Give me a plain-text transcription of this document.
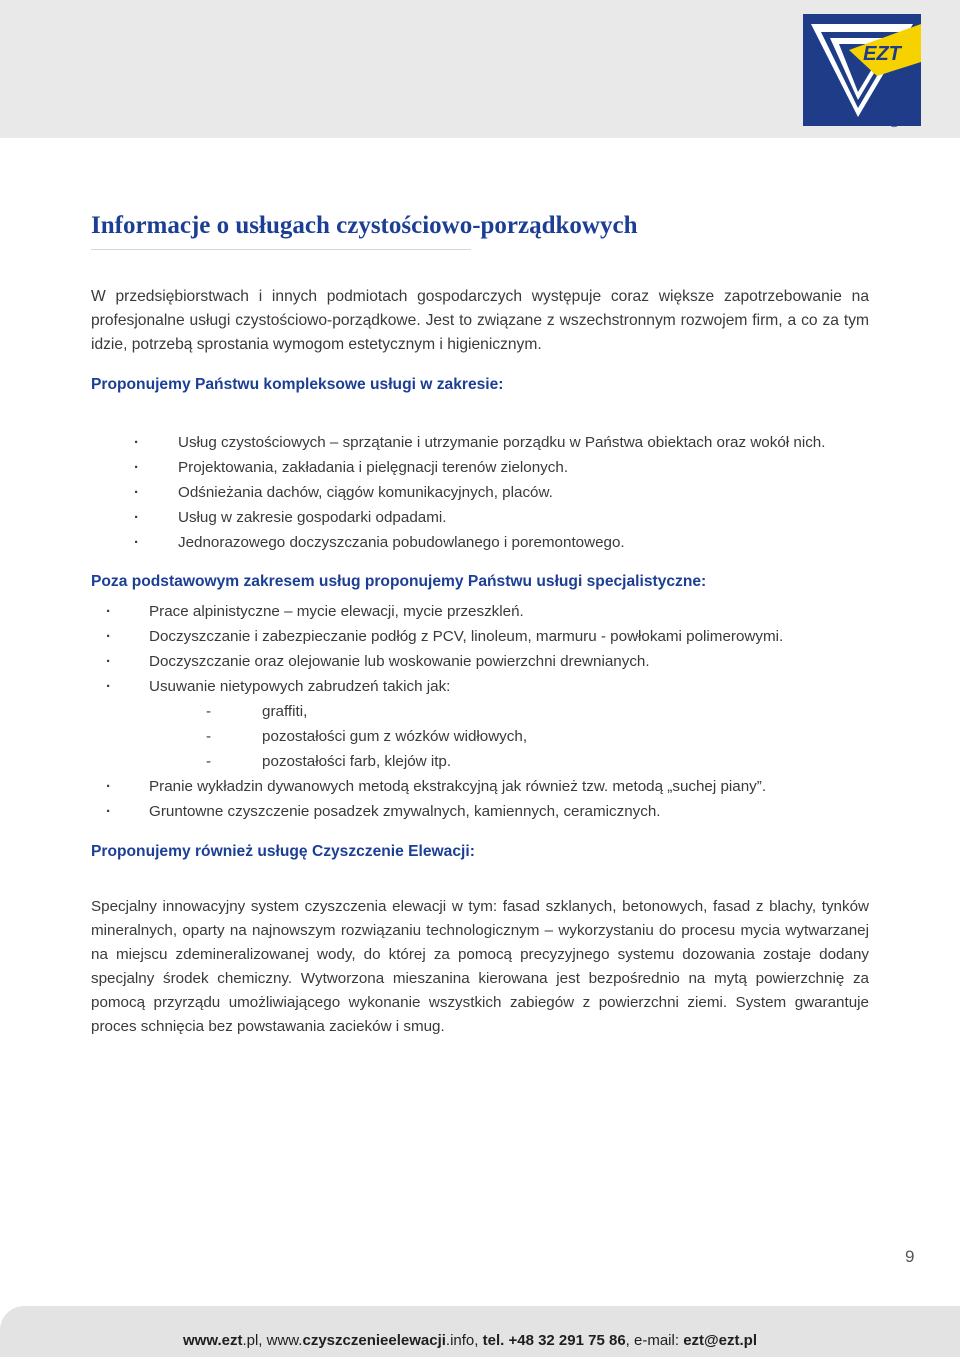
EZT
®
Informacje o usługach czystościowo-porządkowych

W przedsiębiorstwach i innych podmiotach gospodarczych występuje coraz większe zapotrzebowanie na profesjonalne usługi czystościowo-porządkowe. Jest to związane z wszechstronnym rozwojem firm, a co za tym idzie, potrzebą sprostania wymogom estetycznym i higienicznym.

Proponujemy Państwu kompleksowe usługi w zakresie:

·	Usług czystościowych – sprzątanie i utrzymanie porządku w Państwa obiektach oraz wokół nich.
·	Projektowania, zakładania i pielęgnacji terenów zielonych.
·	Odśnieżania dachów, ciągów komunikacyjnych, placów.
·	Usług w zakresie gospodarki odpadami.
·	Jednorazowego doczyszczania pobudowlanego i poremontowego.

Poza podstawowym zakresem usług proponujemy Państwu usługi specjalistyczne:

· Prace alpinistyczne – mycie elewacji, mycie przeszkleń.
· Doczyszczanie i zabezpieczanie podłóg z PCV, linoleum, marmuru - powłokami polimerowymi.
· Doczyszczanie oraz olejowanie lub woskowanie powierzchni drewnianych.
· Usuwanie nietypowych zabrudzeń takich jak:
-	graffiti,
-	pozostałości gum z wózków widłowych,
-	pozostałości farb, klejów itp.
· Pranie wykładzin dywanowych metodą ekstrakcyjną jak również tzw. metodą „suchej piany”.
· Gruntowne czyszczenie posadzek zmywalnych, kamiennych, ceramicznych.

Proponujemy również usługę Czyszczenie Elewacji:

Specjalny innowacyjny system czyszczenia elewacji w tym: fasad szklanych, betonowych, fasad z blachy, tynków mineralnych, oparty na najnowszym rozwiązaniu technologicznym – wykorzystaniu do procesu mycia wytwarzanej na miejscu zdemineralizowanej wody, do której za pomocą precyzyjnego systemu dozowania zostaje dodany specjalny środek chemiczny. Wytworzona mieszanina kierowana jest bezpośrednio na mytą powierzchnię za pomocą przyrządu umożliwiającego wykonanie wszystkich zabiegów z powierzchni ziemi. System gwarantuje proces schnięcia bez powstawania zacieków i smug.

9
www.ezt.pl, www.czyszczenieelewacji.info, tel. +48 32 291 75 86, e-mail: ezt@ezt.pl
